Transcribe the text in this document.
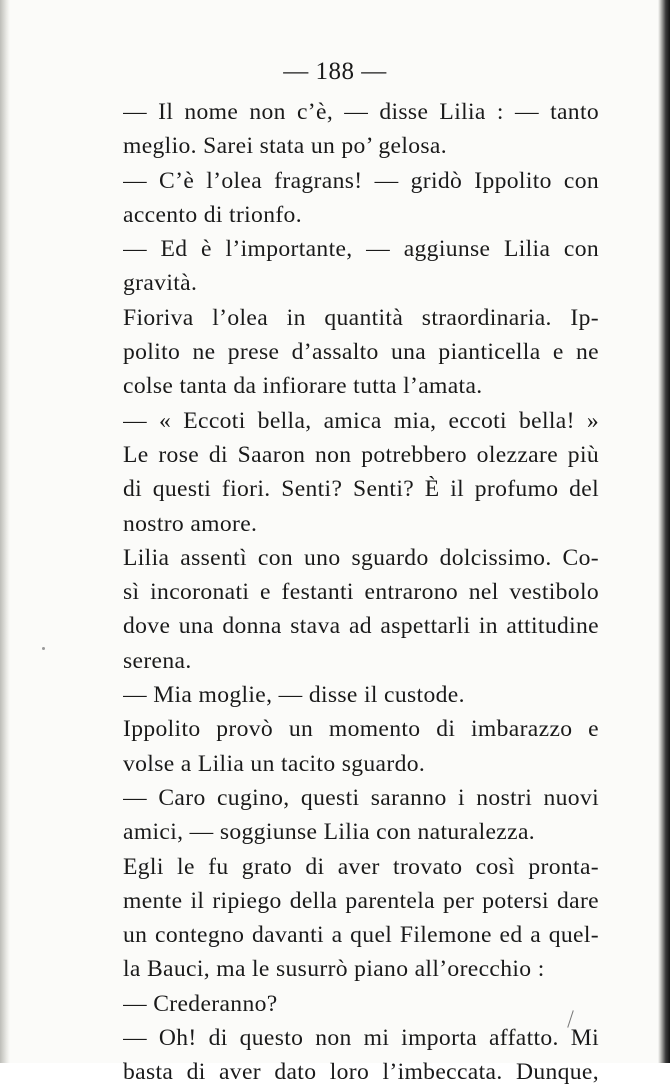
— 188 —
— Il nome non c’è, — disse Lilia : — tanto
meglio. Sarei stata un po’ gelosa.
— C’è l’olea fragrans! — gridò Ippolito con
accento di trionfo.
— Ed è l’importante, — aggiunse Lilia con
gravità.
Fioriva l’olea in quantità straordinaria. Ip-
polito ne prese d’assalto una pianticella e ne
colse tanta da infiorare tutta l’amata.
— « Eccoti bella, amica mia, eccoti bella! »
Le rose di Saaron non potrebbero olezzare più
di questi fiori. Senti? Senti? È il profumo del
nostro amore.
Lilia assentì con uno sguardo dolcissimo. Co-
sì incoronati e festanti entrarono nel vestibolo
dove una donna stava ad aspettarli in attitudine
serena.
— Mia moglie, — disse il custode.
Ippolito provò un momento di imbarazzo e
volse a Lilia un tacito sguardo.
— Caro cugino, questi saranno i nostri nuovi
amici, — soggiunse Lilia con naturalezza.
Egli le fu grato di aver trovato così pronta-
mente il ripiego della parentela per potersi dare
un contegno davanti a quel Filemone ed a quel-
la Bauci, ma le susurrò piano all’orecchio :
— Crederanno?
— Oh! di questo non mi importa affatto. Mi
basta di aver dato loro l’imbeccata. Dunque,
